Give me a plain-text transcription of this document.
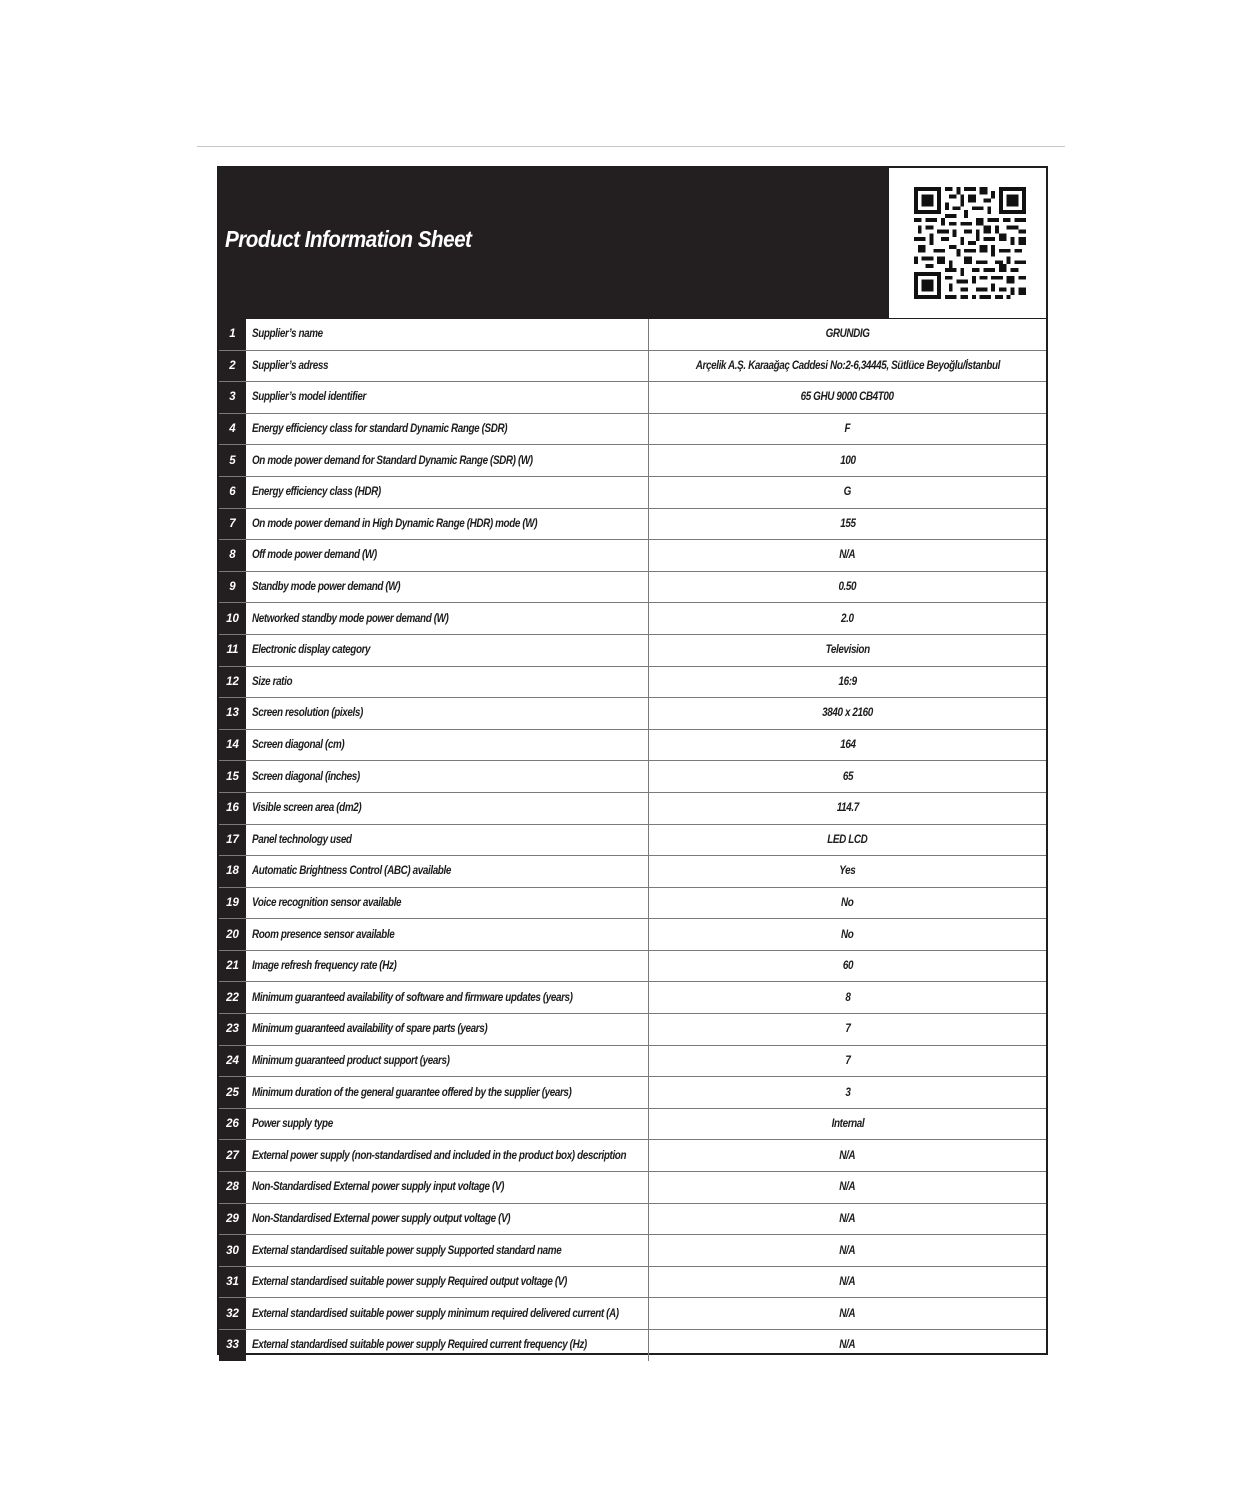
Product Information Sheet
1	Supplier’s name	GRUNDIG
2	Supplier’s adress	Arçelik A.Ş. Karaağaç Caddesi No:2-6,34445, Sütlüce Beyoğlu/İstanbul
3	Supplier’s model identifier	65 GHU 9000 CB4T00
4	Energy efficiency class for standard Dynamic Range (SDR)	F
5	On mode power demand for Standard Dynamic Range (SDR) (W)	100
6	Energy efficiency class (HDR)	G
7	On mode power demand in High Dynamic Range (HDR) mode (W)	155
8	Off mode power demand (W)	N/A
9	Standby mode power demand (W)	0.50
10	Networked standby mode power demand (W)	2.0
11	Electronic display category	Television
12	Size ratio	16:9
13	Screen resolution (pixels)	3840 x 2160
14	Screen diagonal (cm)	164
15	Screen diagonal (inches)	65
16	Visible screen area (dm2)	114.7
17	Panel technology used	LED LCD
18	Automatic Brightness Control (ABC) available	Yes
19	Voice recognition sensor available	No
20	Room presence sensor available	No
21	Image refresh frequency rate (Hz)	60
22	Minimum guaranteed availability of software and firmware updates (years)	8
23	Minimum guaranteed availability of spare parts (years)	7
24	Minimum guaranteed product support (years)	7
25	Minimum duration of the general guarantee offered by the supplier (years)	3
26	Power supply type	Internal
27	External power supply (non-standardised and included in the product box) description	N/A
28	Non-Standardised External power supply input voltage (V)	N/A
29	Non-Standardised External power supply output voltage (V)	N/A
30	External standardised suitable power supply Supported standard name	N/A
31	External standardised suitable power supply Required output voltage (V)	N/A
32	External standardised suitable power supply minimum required delivered current (A)	N/A
33	External standardised suitable power supply Required current frequency (Hz)	N/A
